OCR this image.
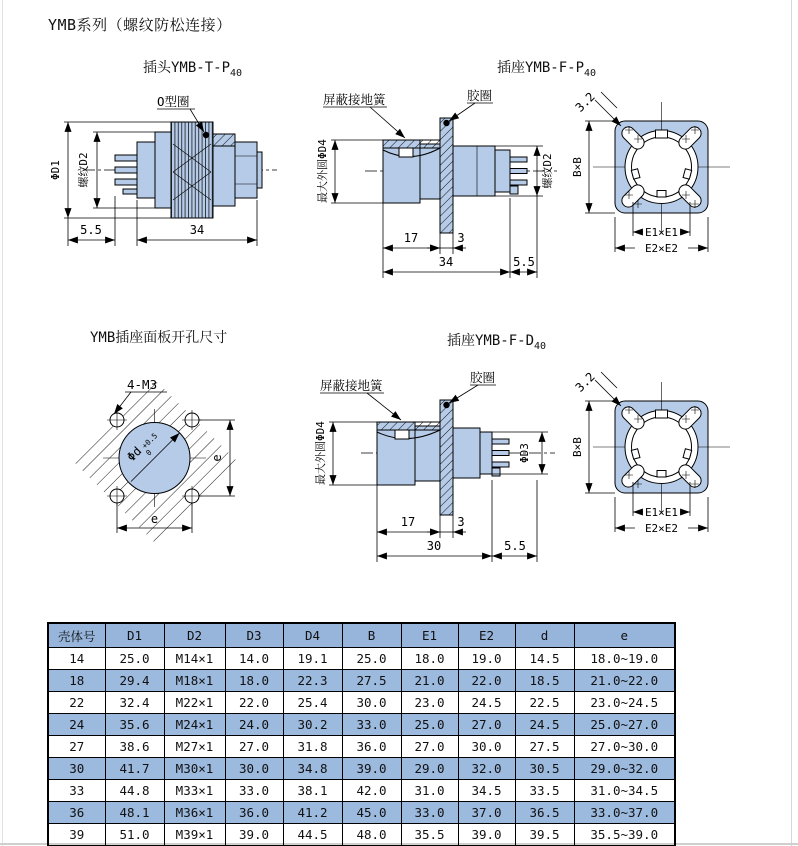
YMB系列（螺纹防松连接）
插头YMB-$T-P_{40}$	插座YMB-$F-P_{40}$
YMB插座面板开孔尺寸	插座YMB-$F-D_{40}$
O型圈
ΦD1 螺纹D2
5.5	34
屏蔽接地簧	胶圈
最大外圆ΦD4	螺纹D2
17	3
34	5.5
3.2
B×B
E1×E1
E2×E2
Φd
+0.5
0
4-M3
e
e
屏蔽接地簧
胶圈
最大外圆ΦD4	ΦD3
17	3
30	5.5
3.2
B×B
E1×E1
E2×E2
壳体号	D1	D2	D3	D4	B	E1	E2	d	e
14	25.0	M14×1	14.0	19.1	25.0	18.0	19.0	14.5	18.0~19.0
18	29.4	M18×1	18.0	22.3	27.5	21.0	22.0	18.5	21.0~22.0
22	32.4	M22×1	22.0	25.4	30.0	23.0	24.5	22.5	23.0~24.5
24	35.6	M24×1	24.0	30.2	33.0	25.0	27.0	24.5	25.0~27.0
27	38.6	M27×1	27.0	31.8	36.0	27.0	30.0	27.5	27.0~30.0
30	41.7	M30×1	30.0	34.8	39.0	29.0	32.0	30.5	29.0~32.0
33	44.8	M33×1	33.0	38.1	42.0	31.0	34.5	33.5	31.0~34.5
36	48.1	M36×1	36.0	41.2	45.0	33.0	37.0	36.5	33.0~37.0
39	51.0	M39×1	39.0	44.5	48.0	35.5	39.0	39.5	35.5~39.0
